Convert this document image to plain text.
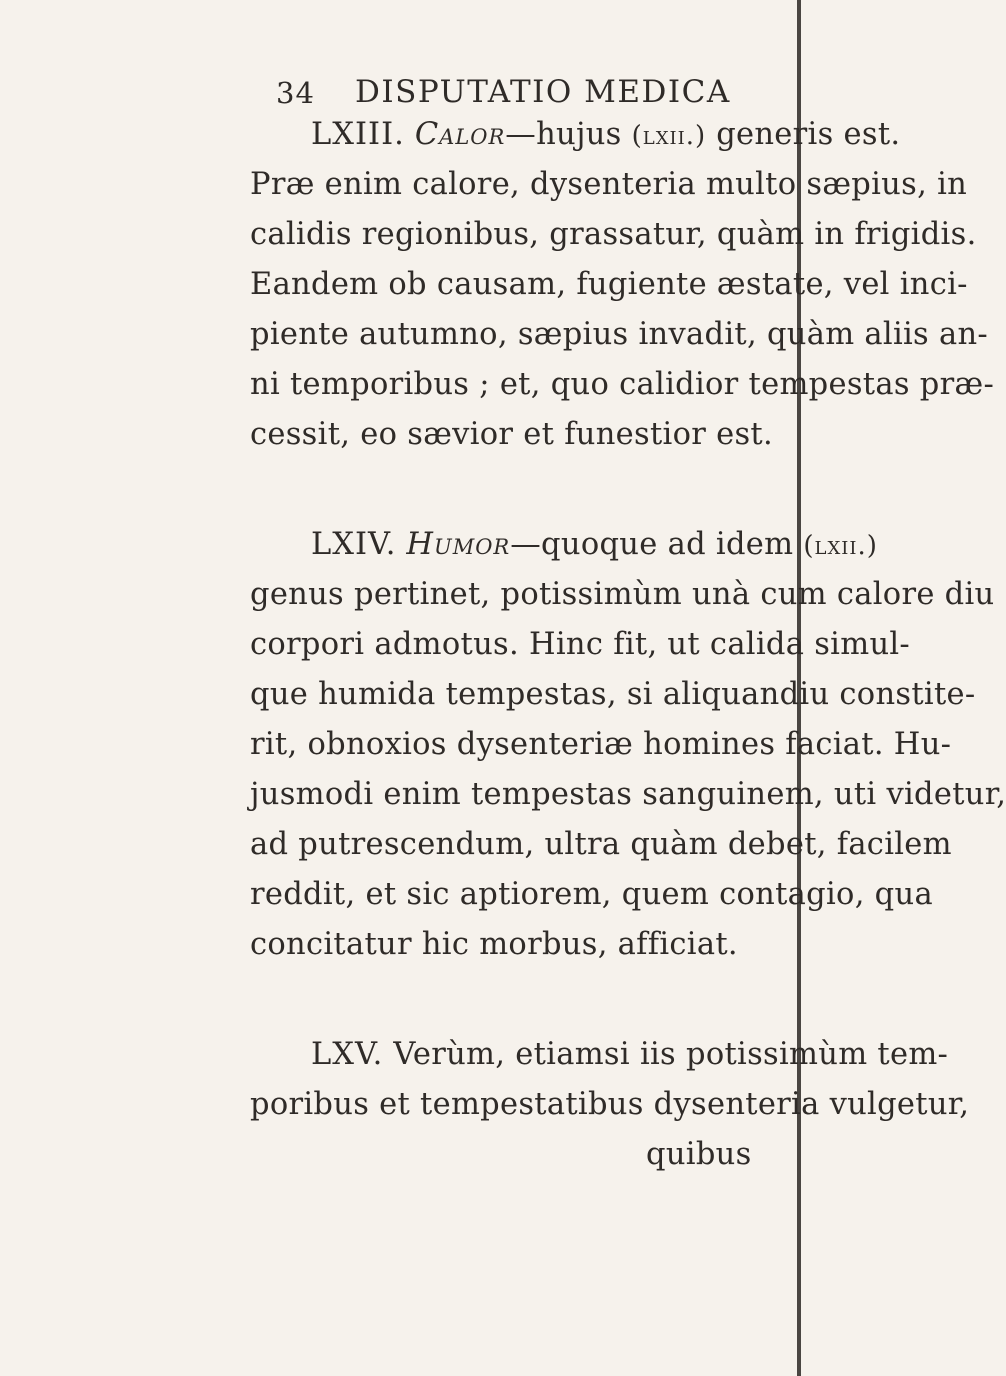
34 DISPUTATIO MEDICA
LXIII. Calor—hujus (lxii.) generis est.
Præ enim calore, dysenteria multo sæpius, in
calidis regionibus, grassatur, quàm in frigidis.
Eandem ob causam, fugiente æstate, vel inci-
piente autumno, sæpius invadit, quàm aliis an-
ni temporibus ; et, quo calidior tempestas præ-
cessit, eo sævior et funestior est.
LXIV. Humor—quoque ad idem (lxii.)
genus pertinet, potissimùm unà cum calore diu
corpori admotus. Hinc fit, ut calida simul-
que humida tempestas, si aliquandiu constite-
rit, obnoxios dysenteriæ homines faciat. Hu-
jusmodi enim tempestas sanguinem, uti videtur,
ad putrescendum, ultra quàm debet, facilem
reddit, et sic aptiorem, quem contagio, qua
concitatur hic morbus, afficiat.
LXV. Verùm, etiamsi iis potissimùm tem-
poribus et tempestatibus dysenteria vulgetur,
quibus
